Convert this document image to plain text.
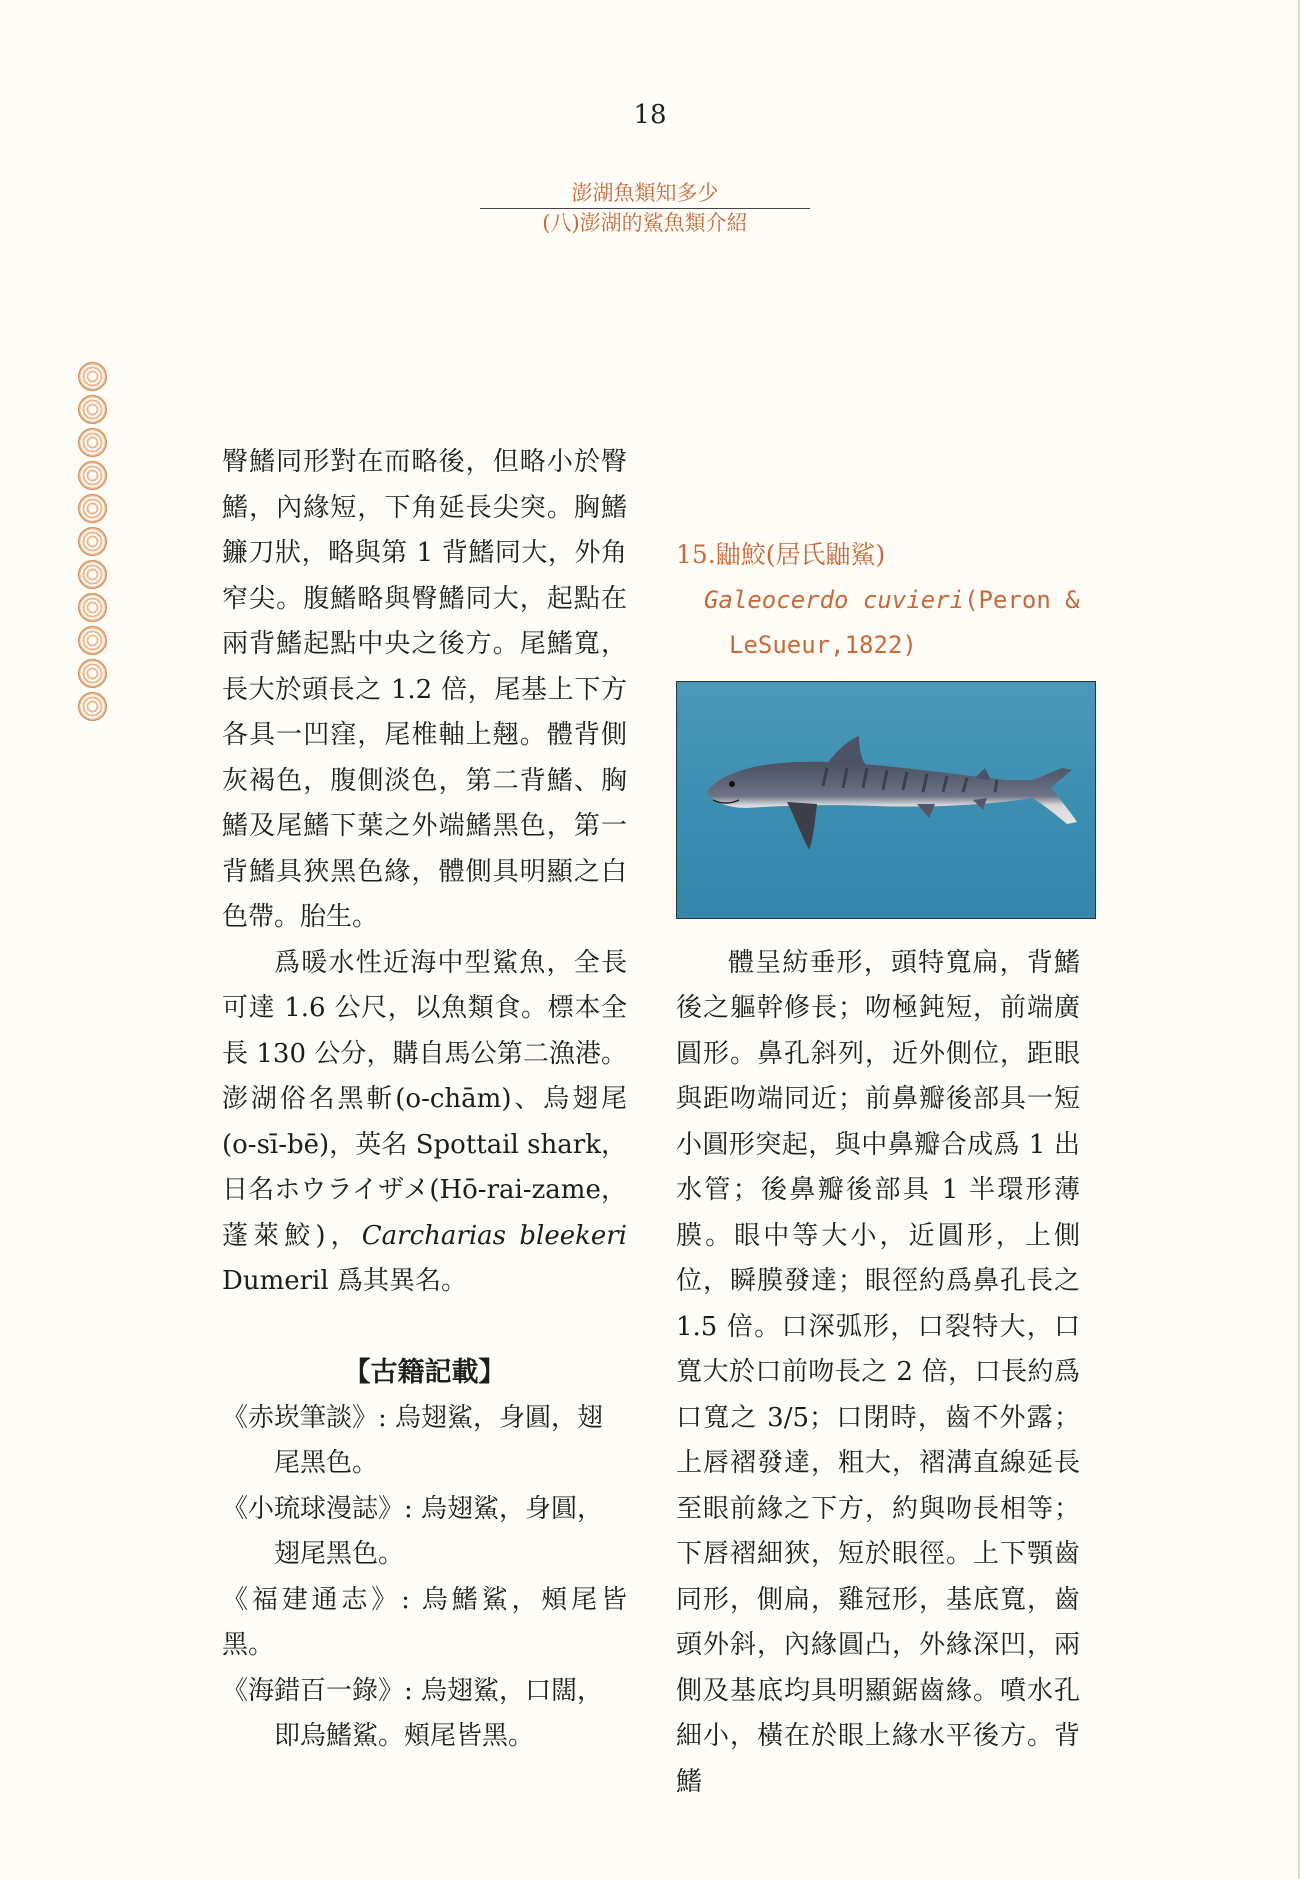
18
澎湖魚類知多少
(八)澎湖的鯊魚類介紹

臀鰭同形對在而略後，但略小於臀鰭，內緣短，下角延長尖突。胸鰭鐮刀狀，略與第 1 背鰭同大，外角窄尖。腹鰭略與臀鰭同大，起點在兩背鰭起點中央之後方。尾鰭寬，長大於頭長之 1.2 倍，尾基上下方各具一凹窪，尾椎軸上翹。體背側灰褐色，腹側淡色，第二背鰭、胸鰭及尾鰭下葉之外端鰭黑色，第一背鰭具狹黑色緣，體側具明顯之白色帶。胎生。

爲暖水性近海中型鯊魚，全長可達 1.6 公尺，以魚類食。標本全長 130 公分，購自馬公第二漁港。澎湖俗名黑斬(o-chām)、烏翅尾(o-sī-bē)，英名 Spottail shark，日名ホウライザメ(Hō-rai-zame，蓬萊鮫)，Carcharias bleekeri Dumeril 爲其異名。

【古籍記載】
《赤崁筆談》: 烏翅鯊，身圓，翅
尾黑色。
《小琉球漫誌》: 烏翅鯊，身圓，
翅尾黑色。
《福建通志》: 烏鰭鯊，頰尾皆黑。
《海錯百一錄》: 烏翅鯊，口闊，
即烏鰭鯊。頰尾皆黑。
15.鼬鮫(居氏鼬鯊)
Galeocerdo cuvieri(Peron &
LeSueur,1822)

體呈紡垂形，頭特寬扁，背鰭後之軀幹修長；吻極鈍短，前端廣圓形。鼻孔斜列，近外側位，距眼與距吻端同近；前鼻瓣後部具一短小圓形突起，與中鼻瓣合成爲 1 出水管；後鼻瓣後部具 1 半環形薄膜。眼中等大小，近圓形，上側位，瞬膜發達；眼徑約爲鼻孔長之 1.5 倍。口深弧形，口裂特大，口寬大於口前吻長之 2 倍，口長約爲口寬之 3/5；口閉時，齒不外露；上唇褶發達，粗大，褶溝直線延長至眼前緣之下方，約與吻長相等；下唇褶細狹，短於眼徑。上下顎齒同形，側扁，雞冠形，基底寬，齒頭外斜，內緣圓凸，外緣深凹，兩側及基底均具明顯鋸齒緣。噴水孔細小，橫在於眼上緣水平後方。背鰭
